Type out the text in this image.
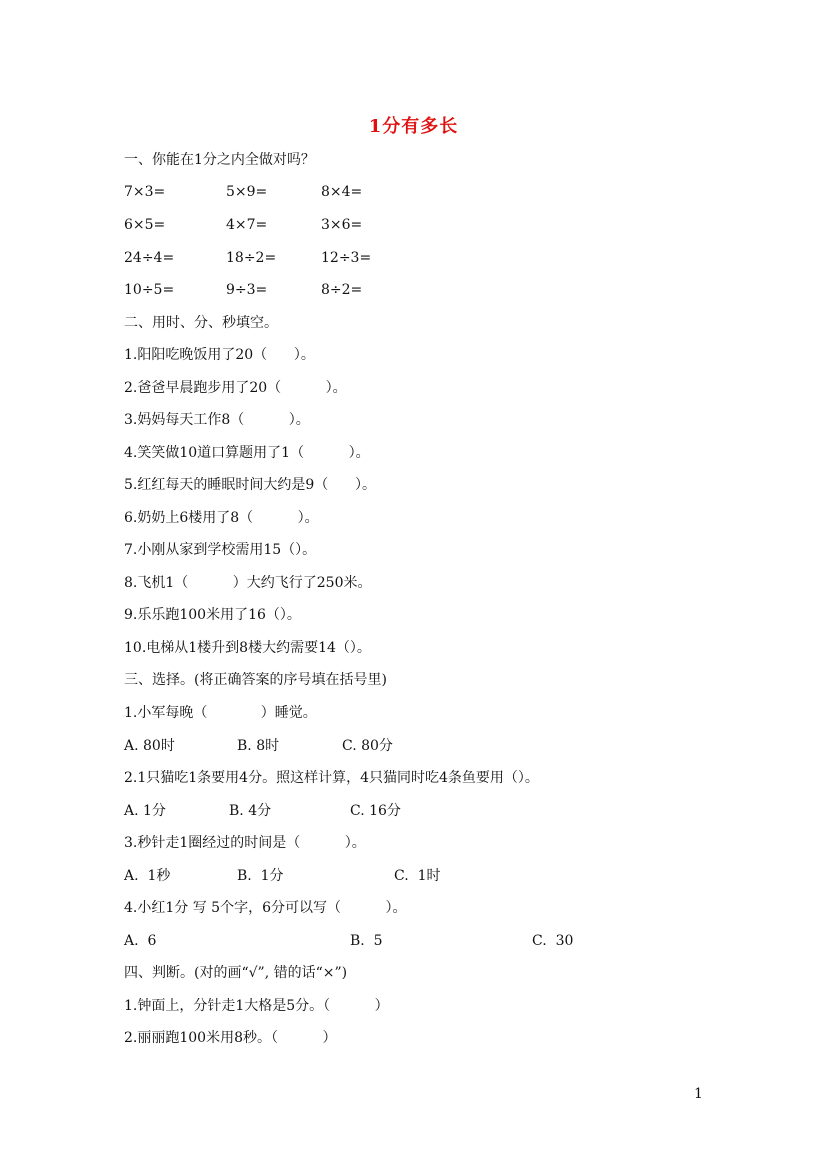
1分有多长
一、你能在1分之内全做对吗？
7×3=	5×9=	8×4=
6×5=	4×7=	3×6=
24÷4=	18÷2=	12÷3=
10÷5=	9÷3=	8÷2=
二、用时、分、秒填空。
1.阳阳吃晚饭用了20（      ）。
2.爸爸早晨跑步用了20（          ）。
3.妈妈每天工作8（          ）。
4.笑笑做10道口算题用了1（          ）。
5.红红每天的睡眠时间大约是9（      ）。
6.奶奶上6楼用了8（          ）。
7.小刚从家到学校需用15（）。
8.飞机1（          ）大约飞行了250米。
9.乐乐跑100米用了16（）。
10.电梯从1楼升到8楼大约需要14（）。
三、选择。(将正确答案的序号填在括号里)
1.小军每晚（            ）睡觉。
A. 80时	B. 8时	C. 80分
2.1只猫吃1条要用4分。照这样计算，4只猫同时吃4条鱼要用（）。
A. 1分	B. 4分	C. 16分
3.秒针走1圈经过的时间是（          ）。
A.  1秒	B.  1分	C.  1时
4.小红1分 写 5个字，6分可以写（          ）。
A.  6	B.  5	C.  30
四、判断。(对的画“√”, 错的话“×”)
1.钟面上，分针走1大格是5分。（          ）
2.丽丽跑100米用8秒。（          ）
1
